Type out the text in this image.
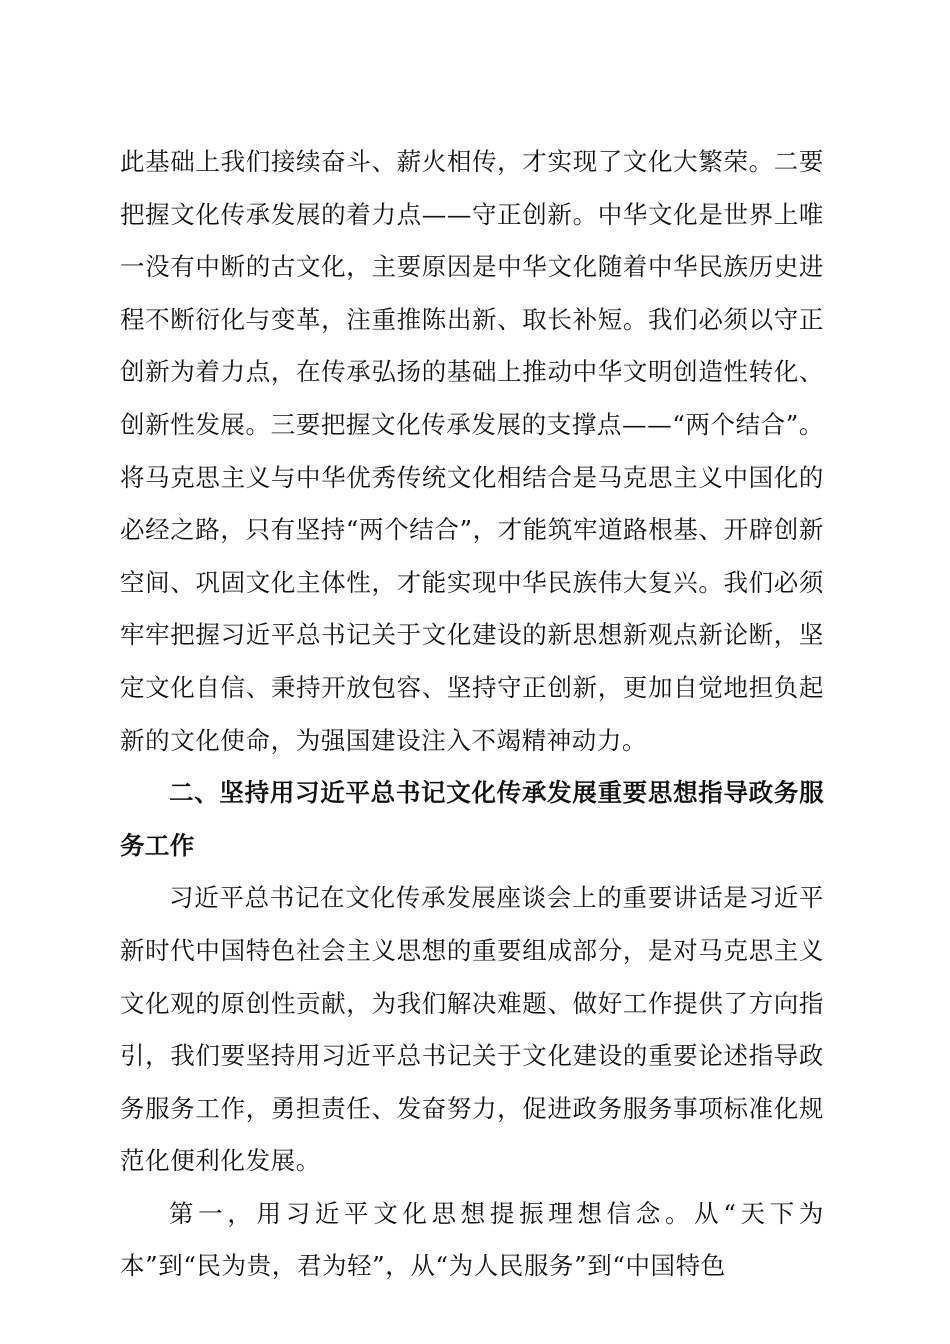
此基础上我们接续奋斗、薪火相传，才实现了文化大繁荣。二要把握文化传承发展的着力点——守正创新。中华文化是世界上唯一没有中断的古文化，主要原因是中华文化随着中华民族历史进程不断衍化与变革，注重推陈出新、取长补短。我们必须以守正创新为着力点，在传承弘扬的基础上推动中华文明创造性转化、创新性发展。三要把握文化传承发展的支撑点——“两个结合”。将马克思主义与中华优秀传统文化相结合是马克思主义中国化的必经之路，只有坚持“两个结合”，才能筑牢道路根基、开辟创新空间、巩固文化主体性，才能实现中华民族伟大复兴。我们必须牢牢把握习近平总书记关于文化建设的新思想新观点新论断，坚定文化自信、秉持开放包容、坚持守正创新，更加自觉地担负起新的文化使命，为强国建设注入不竭精神动力。

二、坚持用习近平总书记文化传承发展重要思想指导政务服务工作

习近平总书记在文化传承发展座谈会上的重要讲话是习近平新时代中国特色社会主义思想的重要组成部分，是对马克思主义文化观的原创性贡献，为我们解决难题、做好工作提供了方向指引，我们要坚持用习近平总书记关于文化建设的重要论述指导政务服务工作，勇担责任、发奋努力，促进政务服务事项标准化规范化便利化发展。

第一，用习近平文化思想提振理想信念。从“天下为本”到“民为贵，君为轻”，从“为人民服务”到“中国特色
